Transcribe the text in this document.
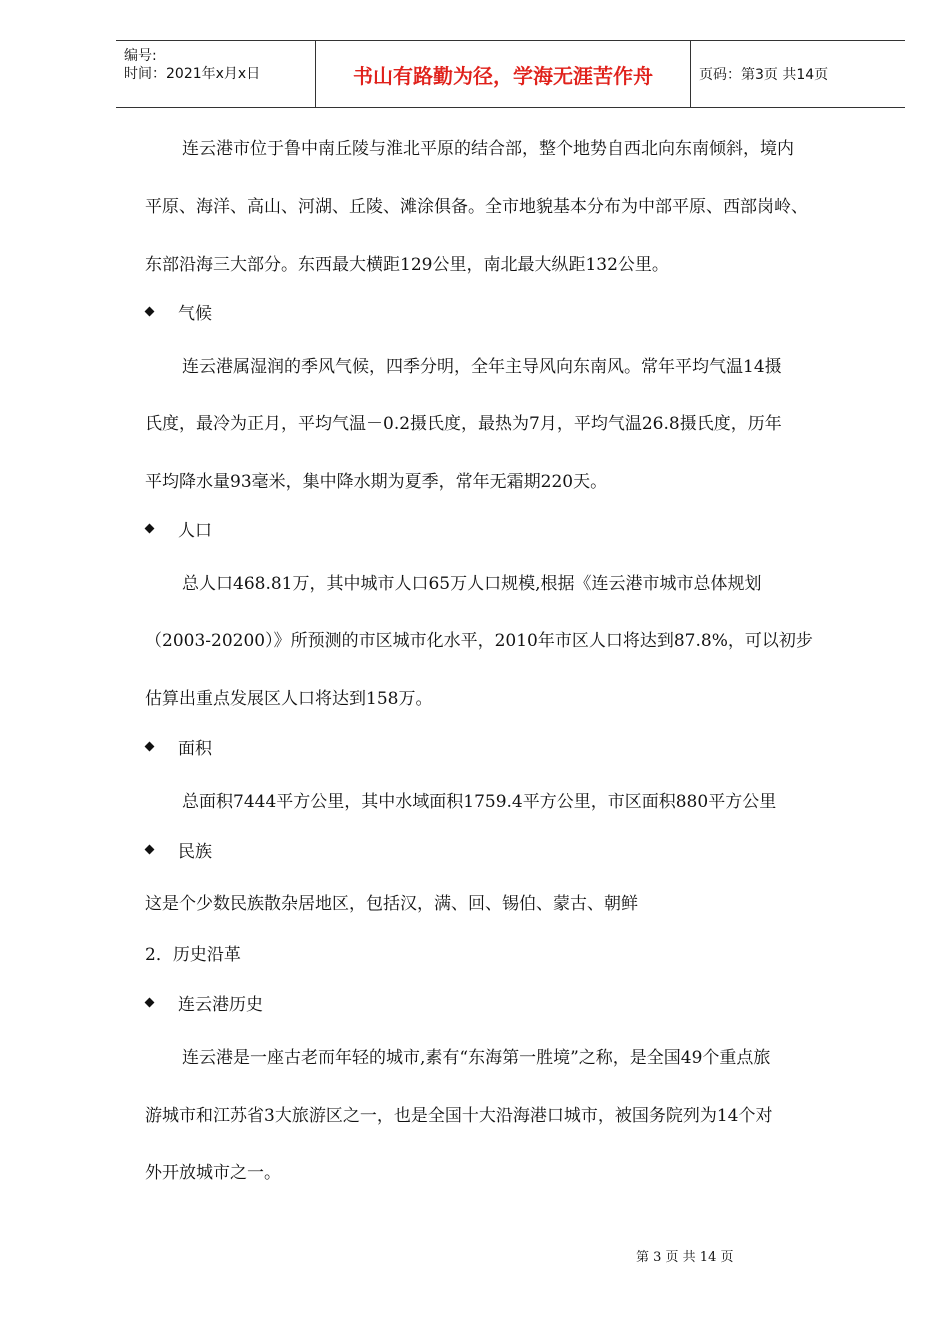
编号:
时间：2021年x月x日	书山有路勤为径，学海无涯苦作舟	页码：第3页 共14页
连云港市位于鲁中南丘陵与淮北平原的结合部，整个地势自西北向东南倾斜，境内
平原、海洋、高山、河湖、丘陵、滩涂俱备。全市地貌基本分布为中部平原、西部岗岭、
东部沿海三大部分。东西最大横距129公里，南北最大纵距132公里。
气候
连云港属湿润的季风气候，四季分明，全年主导风向东南风。常年平均气温14摄
氏度，最冷为正月，平均气温－0.2摄氏度，最热为7月，平均气温26.8摄氏度，历年
平均降水量93毫米，集中降水期为夏季，常年无霜期220天。
人口
总人口468.81万，其中城市人口65万人口规模,根据《连云港市城市总体规划
（2003-20200）》所预测的市区城市化水平，2010年市区人口将达到87.8%，可以初步
估算出重点发展区人口将达到158万。
面积
总面积7444平方公里，其中水域面积1759.4平方公里，市区面积880平方公里
民族
这是个少数民族散杂居地区，包括汉，满、回、锡伯、蒙古、朝鲜
2．历史沿革
连云港历史
连云港是一座古老而年轻的城市,素有“东海第一胜境”之称，是全国49个重点旅
游城市和江苏省3大旅游区之一，也是全国十大沿海港口城市，被国务院列为14个对
外开放城市之一。
第 3 页 共 14 页
